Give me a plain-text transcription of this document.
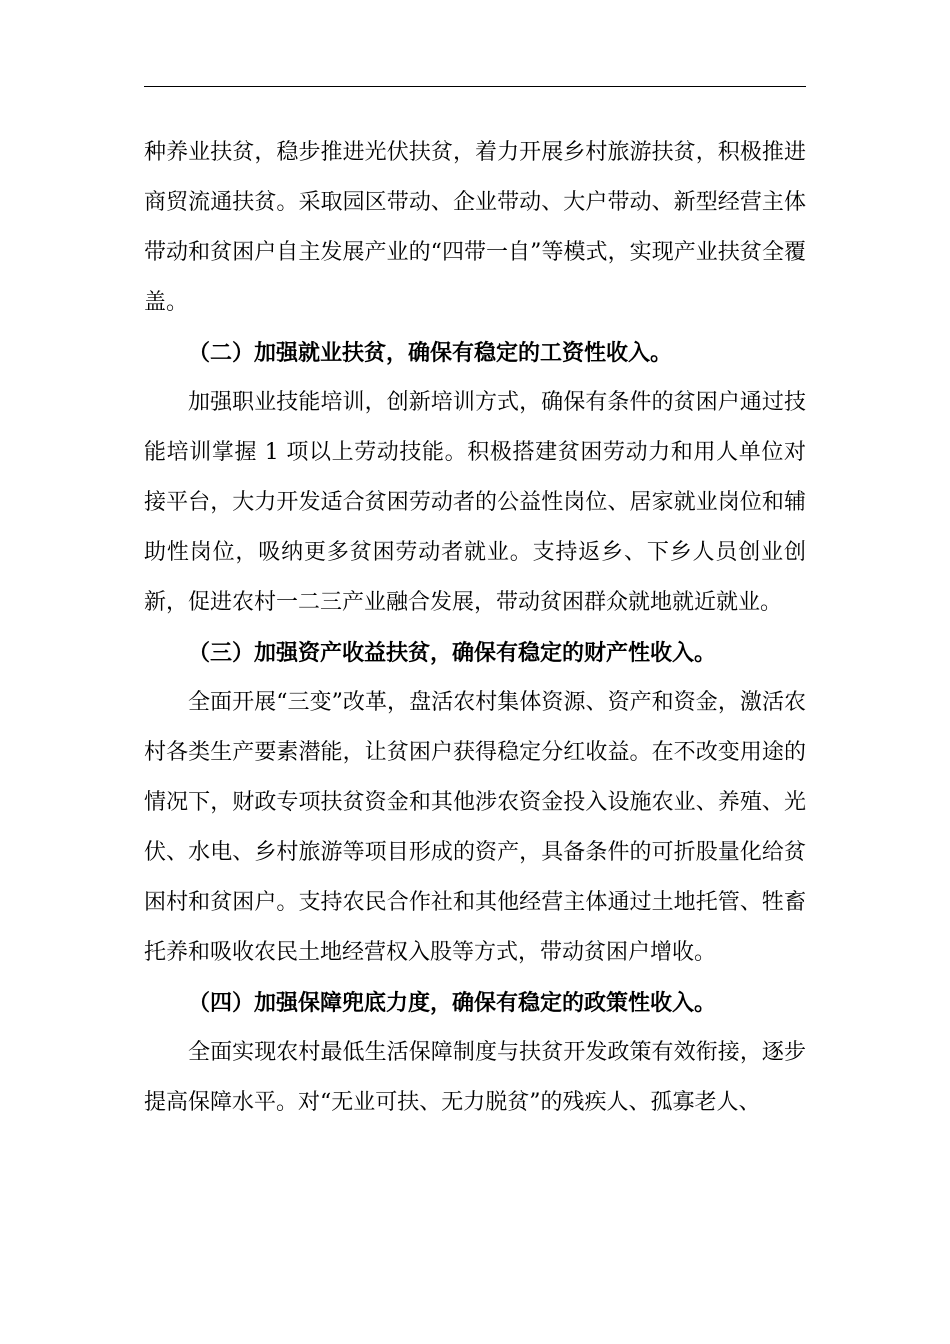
种养业扶贫，稳步推进光伏扶贫，着力开展乡村旅游扶贫，积极推进商贸流通扶贫。采取园区带动、企业带动、大户带动、新型经营主体带动和贫困户自主发展产业的“四带一自”等模式，实现产业扶贫全覆盖。

（二）加强就业扶贫，确保有稳定的工资性收入。

加强职业技能培训，创新培训方式，确保有条件的贫困户通过技能培训掌握 1 项以上劳动技能。积极搭建贫困劳动力和用人单位对接平台，大力开发适合贫困劳动者的公益性岗位、居家就业岗位和辅助性岗位，吸纳更多贫困劳动者就业。支持返乡、下乡人员创业创新，促进农村一二三产业融合发展，带动贫困群众就地就近就业。

（三）加强资产收益扶贫，确保有稳定的财产性收入。

全面开展“三变”改革，盘活农村集体资源、资产和资金，激活农村各类生产要素潜能，让贫困户获得稳定分红收益。在不改变用途的情况下，财政专项扶贫资金和其他涉农资金投入设施农业、养殖、光伏、水电、乡村旅游等项目形成的资产，具备条件的可折股量化给贫困村和贫困户。支持农民合作社和其他经营主体通过土地托管、牲畜托养和吸收农民土地经营权入股等方式，带动贫困户增收。

（四）加强保障兜底力度，确保有稳定的政策性收入。

全面实现农村最低生活保障制度与扶贫开发政策有效衔接，逐步提高保障水平。对“无业可扶、无力脱贫”的残疾人、孤寡老人、
